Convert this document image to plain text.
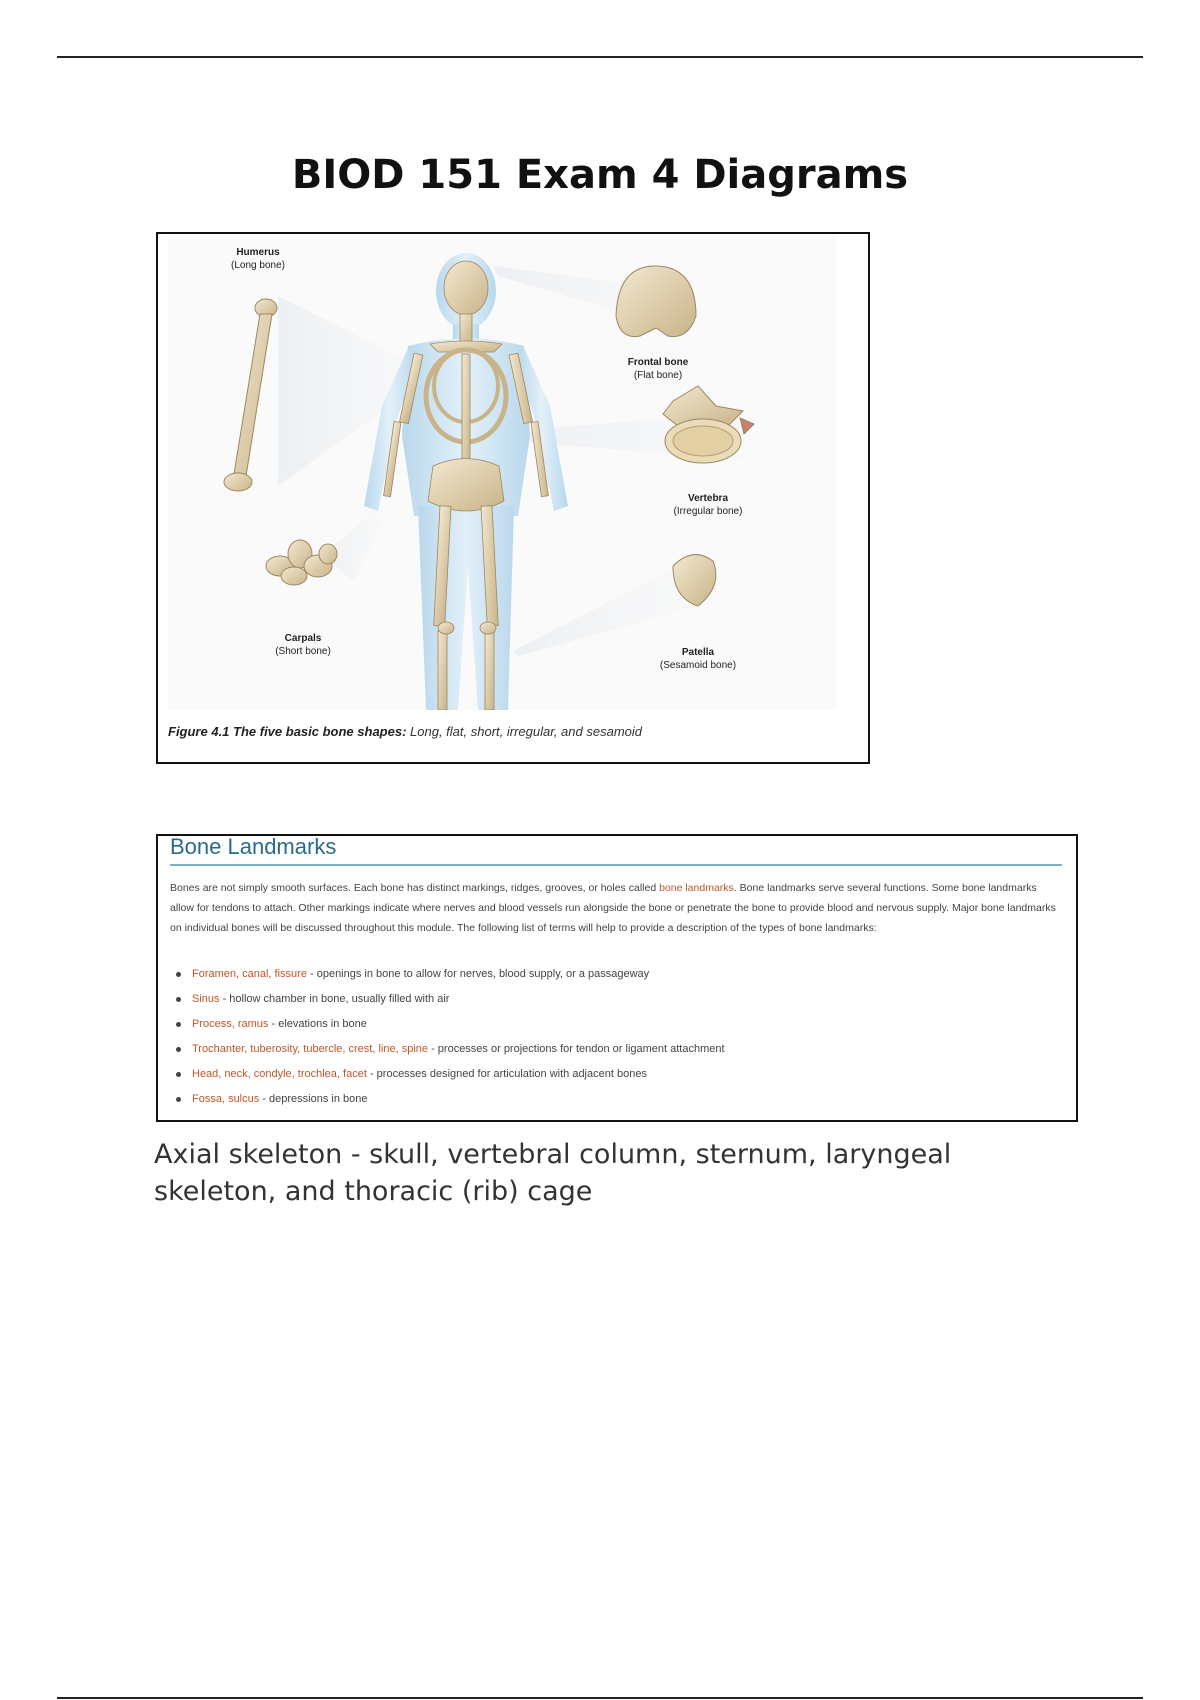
BIOD 151 Exam 4 Diagrams
Humerus
(Long bone)
Frontal bone
(Flat bone)
Vertebra
(Irregular bone)
Carpals
(Short bone)	Patella
(Sesamoid bone)
Figure 4.1 The five basic bone shapes: Long, flat, short, irregular, and sesamoid
Bone Landmarks
Bones are not simply smooth surfaces. Each bone has distinct markings, ridges, grooves, or holes called bone landmarks. Bone landmarks serve several functions. Some bone landmarks allow for tendons to attach. Other markings indicate where nerves and blood vessels run alongside the bone or penetrate the bone to provide blood and nervous supply. Major bone landmarks on individual bones will be discussed throughout this module. The following list of terms will help to provide a description of the types of bone landmarks:
Foramen, canal, fissure - openings in bone to allow for nerves, blood supply, or a passageway
Sinus - hollow chamber in bone, usually filled with air
Process, ramus - elevations in bone
Trochanter, tuberosity, tubercle, crest, line, spine - processes or projections for tendon or ligament attachment
Head, neck, condyle, trochlea, facet - processes designed for articulation with adjacent bones
Fossa, sulcus - depressions in bone
Axial skeleton - skull, vertebral column, sternum, laryngeal skeleton, and thoracic (rib) cage
